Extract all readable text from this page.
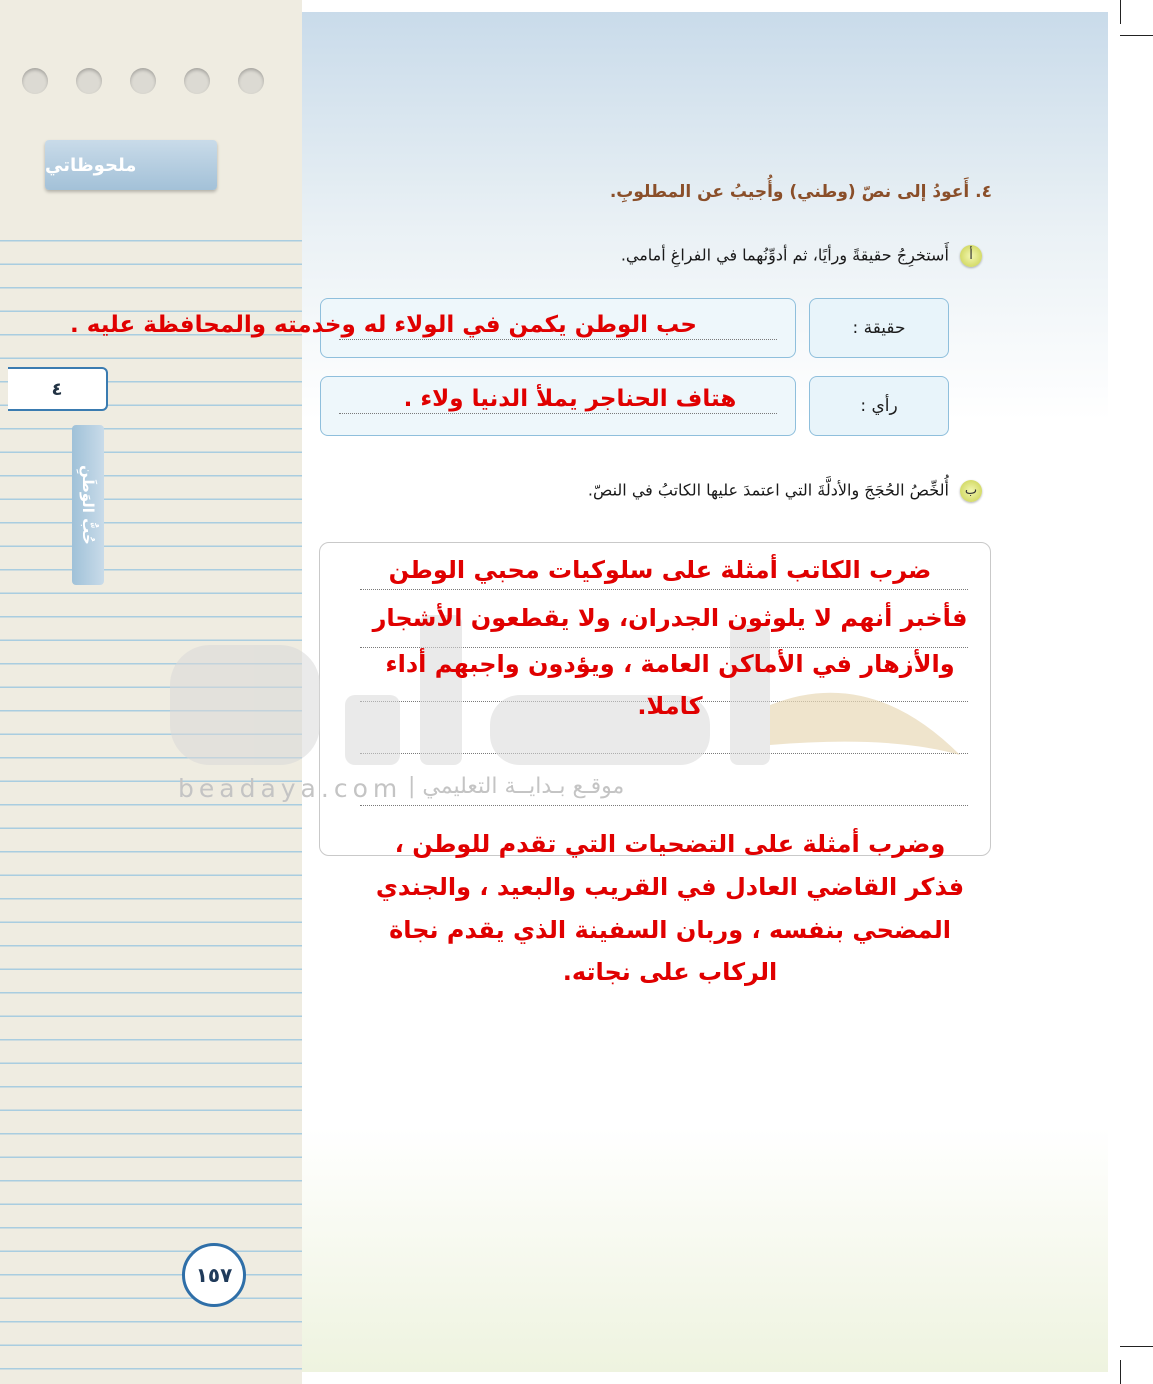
ملحوظاتي
٤
حُبُّ الوَطَنِ
١٥٧
٤. أَعودُ إلى نصّ (وطني) وأُجيبُ عن المطلوبِ.
أ أَستخرِجُ حقيقةً ورأيًا، ثم أدوِّنُهما في الفراغِ أمامي.
حقيقة :
رأي :
ب أُلخِّصُ الحُجَجَ والأدلَّةَ التي اعتمدَ عليها الكاتبُ في النصّ.
beadaya.com موقـع بـدايــة التعليمي |
حب الوطن يكمن في الولاء له وخدمته والمحافظة عليه .
هتاف الحناجر يملأ الدنيا ولاء .
ضرب الكاتب أمثلة على سلوكيات محبي الوطن
فأخبر أنهم لا يلوثون الجدران، ولا يقطعون الأشجار
والأزهار في الأماكن العامة ، ويؤدون واجبهم أداء
كاملا.
وضرب أمثلة على التضحيات التي تقدم للوطن ،
فذكر القاضي العادل في القريب والبعيد ، والجندي
المضحي بنفسه ، وربان السفينة الذي يقدم نجاة
الركاب على نجاته.
